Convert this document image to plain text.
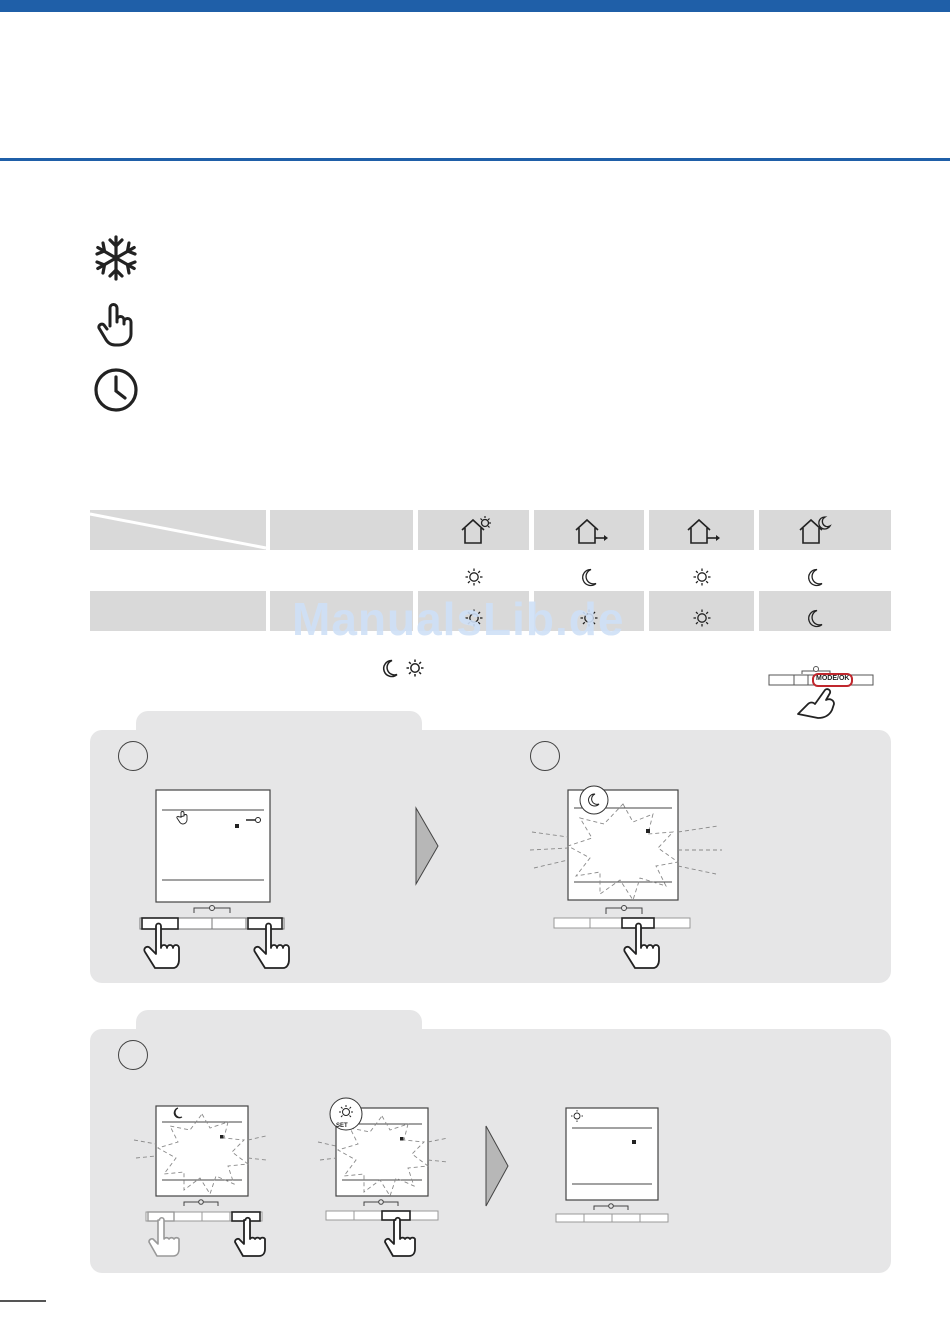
ManualsLib.de
MODE/OK
SET
